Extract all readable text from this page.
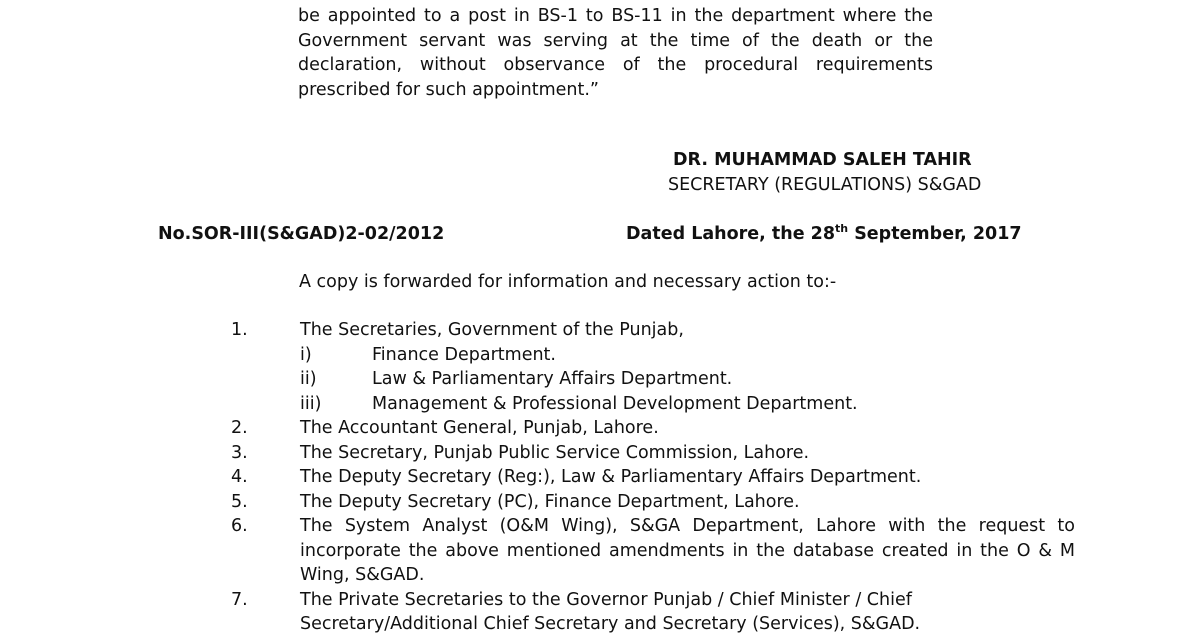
be appointed to a post in BS-1 to BS-11 in the department where the
Government servant was serving at the time of the death or the
declaration, without observance of the procedural requirements
prescribed for such appointment.”
DR. MUHAMMAD SALEH TAHIR
SECRETARY (REGULATIONS) S&GAD
No.SOR-III(S&GAD)2-02/2012	Dated Lahore, the 28th September, 2017
A copy is forwarded for information and necessary action to:-
1.	The Secretaries, Government of the Punjab,
i)	Finance Department.
ii)	Law & Parliamentary Affairs Department.
iii)	Management & Professional Development Department.
2.	The Accountant General, Punjab, Lahore.
3.	The Secretary, Punjab Public Service Commission, Lahore.
4.	The Deputy Secretary (Reg:), Law & Parliamentary Affairs Department.
5.	The Deputy Secretary (PC), Finance Department, Lahore.
6.	The System Analyst (O&M Wing), S&GA Department, Lahore with the request to
incorporate the above mentioned amendments in the database created in the O & M
Wing, S&GAD.
7.	The Private Secretaries to the Governor Punjab / Chief Minister / Chief
Secretary/Additional Chief Secretary and Secretary (Services), S&GAD.
